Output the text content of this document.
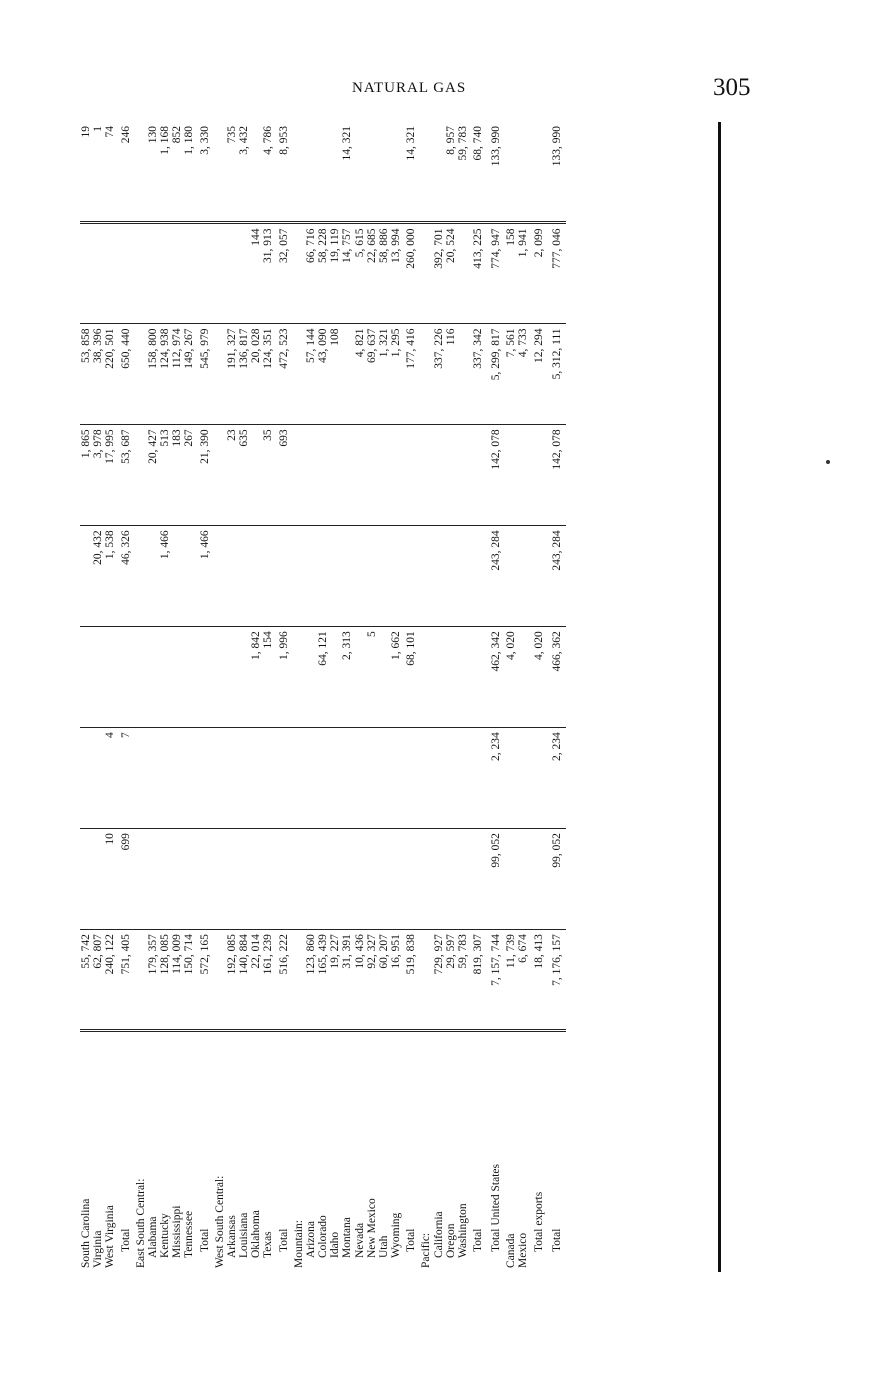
NATURAL GAS	305
South Carolina	55, 742					1, 865	53, 858		19
Virginia	62, 807				20, 432	3, 978	38, 396		1
West Virginia	240, 122	10	4		1, 538	17, 995	220, 501		74
Total	751, 405	699	7		46, 326	53, 687	650, 440		246
East South Central:									
Alabama	179, 357					20, 427	158, 800		130
Kentucky	128, 085				1, 466	513	124, 938		1, 168
Mississippi	114, 009					183	112, 974		852
Tennessee	150, 714					267	149, 267		1, 180
Total	572, 165				1, 466	21, 390	545, 979		3, 330
West South Central:									
Arkansas	192, 085					23	191, 327		735
Louisiana	140, 884					635	136, 817		3, 432
Oklahoma	22, 014			1, 842			20, 028	144	
Texas	161, 239			154		35	124, 351	31, 913	4, 786
Total	516, 222			1, 996		693	472, 523	32, 057	8, 953
Mountain:									
Arizona	123, 860						57, 144	66, 716	
Colorado	165, 439			64, 121			43, 090	58, 228	
Idaho	19, 227						108	19, 119	
Montana	31, 391			2, 313				14, 757	14, 321
Nevada	10, 436						4, 821	5, 615	
New Mexico	92, 327			5			69, 637	22, 685	
Utah	60, 207						1, 321	58, 886	
Wyoming	16, 951			1, 662			1, 295	13, 994	
Total	519, 838			68, 101			177, 416	260, 000	14, 321
Pacific:									
California	729, 927						337, 226	392, 701	
Oregon	29, 597						116	20, 524	8, 957
Washington	59, 783								59, 783
Total	819, 307						337, 342	413, 225	68, 740
Total United States	7, 157, 744	99, 052	2, 234	462, 342	243, 284	142, 078	5, 299, 817	774, 947	133, 990
Canada	11, 739			4, 020			7, 561	158	
Mexico	6, 674						4, 733	1, 941	
Total exports	18, 413			4, 020			12, 294	2, 099	
Total	7, 176, 157	99, 052	2, 234	466, 362	243, 284	142, 078	5, 312, 111	777, 046	133, 990
